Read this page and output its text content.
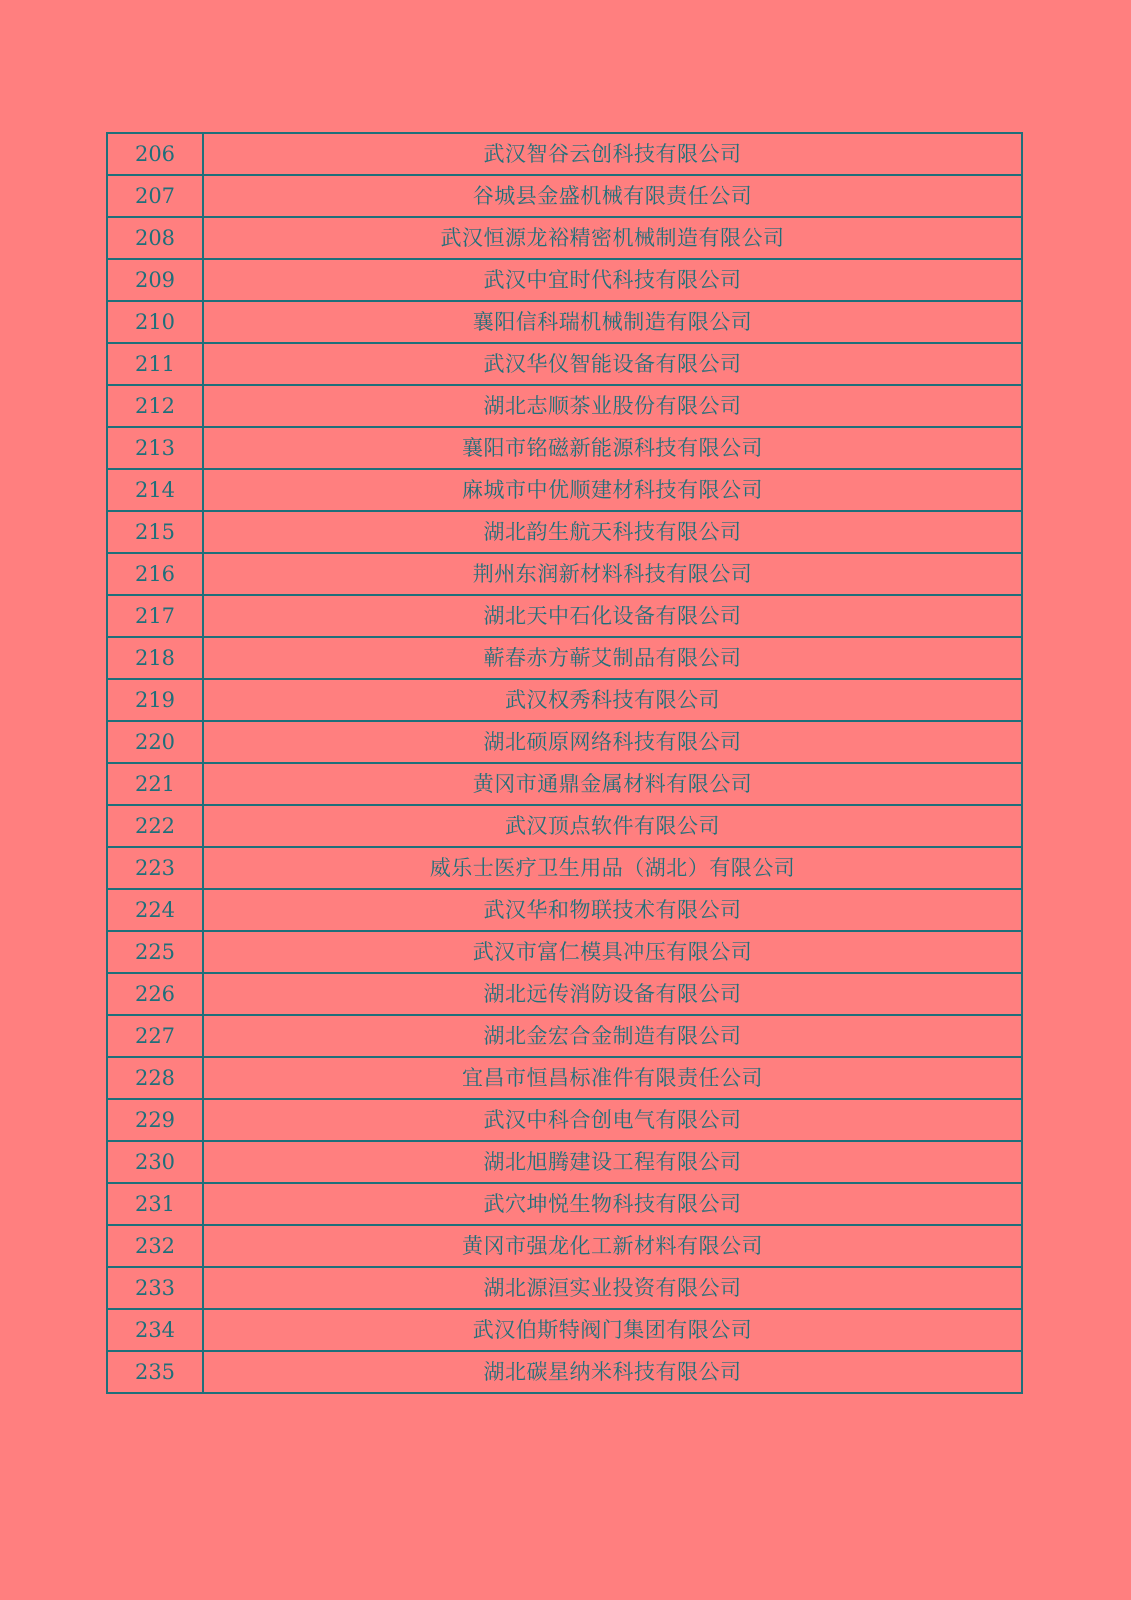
206	武汉智谷云创科技有限公司
207	谷城县金盛机械有限责任公司
208	武汉恒源龙裕精密机械制造有限公司
209	武汉中宜时代科技有限公司
210	襄阳信科瑞机械制造有限公司
211	武汉华仪智能设备有限公司
212	湖北志顺茶业股份有限公司
213	襄阳市铭磁新能源科技有限公司
214	麻城市中优顺建材科技有限公司
215	湖北韵生航天科技有限公司
216	荆州东润新材料科技有限公司
217	湖北天中石化设备有限公司
218	蕲春赤方蕲艾制品有限公司
219	武汉权秀科技有限公司
220	湖北硕原网络科技有限公司
221	黄冈市通鼎金属材料有限公司
222	武汉顶点软件有限公司
223	威乐士医疗卫生用品（湖北）有限公司
224	武汉华和物联技术有限公司
225	武汉市富仁模具冲压有限公司
226	湖北远传消防设备有限公司
227	湖北金宏合金制造有限公司
228	宜昌市恒昌标准件有限责任公司
229	武汉中科合创电气有限公司
230	湖北旭腾建设工程有限公司
231	武穴坤悦生物科技有限公司
232	黄冈市强龙化工新材料有限公司
233	湖北源洹实业投资有限公司
234	武汉伯斯特阀门集团有限公司
235	湖北碳星纳米科技有限公司
